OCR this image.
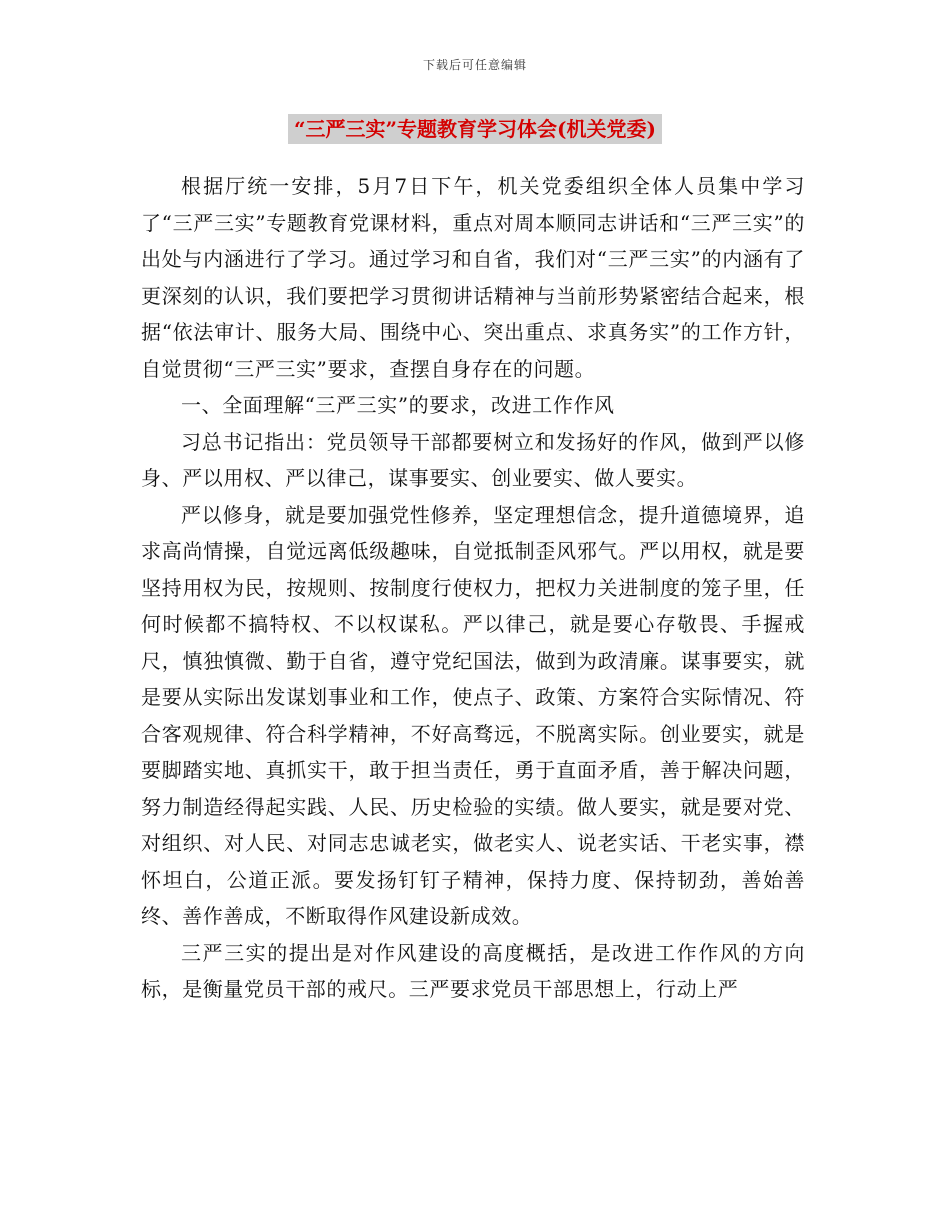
下载后可任意编辑
“三严三实”专题教育学习体会(机关党委)

根据厅统一安排，5月7日下午，机关党委组织全体人员集中学习了“三严三实”专题教育党课材料，重点对周本顺同志讲话和“三严三实”的出处与内涵进行了学习。通过学习和自省，我们对“三严三实”的内涵有了更深刻的认识，我们要把学习贯彻讲话精神与当前形势紧密结合起来，根据“依法审计、服务大局、围绕中心、突出重点、求真务实”的工作方针，自觉贯彻“三严三实”要求，查摆自身存在的问题。

一、全面理解“三严三实”的要求，改进工作作风

习总书记指出：党员领导干部都要树立和发扬好的作风，做到严以修身、严以用权、严以律己，谋事要实、创业要实、做人要实。

严以修身，就是要加强党性修养，坚定理想信念，提升道德境界，追求高尚情操，自觉远离低级趣味，自觉抵制歪风邪气。严以用权，就是要坚持用权为民，按规则、按制度行使权力，把权力关进制度的笼子里，任何时候都不搞特权、不以权谋私。严以律己，就是要心存敬畏、手握戒尺，慎独慎微、勤于自省，遵守党纪国法，做到为政清廉。谋事要实，就是要从实际出发谋划事业和工作，使点子、政策、方案符合实际情况、符合客观规律、符合科学精神，不好高骛远，不脱离实际。创业要实，就是要脚踏实地、真抓实干，敢于担当责任，勇于直面矛盾，善于解决问题，努力制造经得起实践、人民、历史检验的实绩。做人要实，就是要对党、对组织、对人民、对同志忠诚老实，做老实人、说老实话、干老实事，襟怀坦白，公道正派。要发扬钉钉子精神，保持力度、保持韧劲，善始善终、善作善成，不断取得作风建设新成效。

三严三实的提出是对作风建设的高度概括，是改进工作作风的方向标，是衡量党员干部的戒尺。三严要求党员干部思想上，行动上严
